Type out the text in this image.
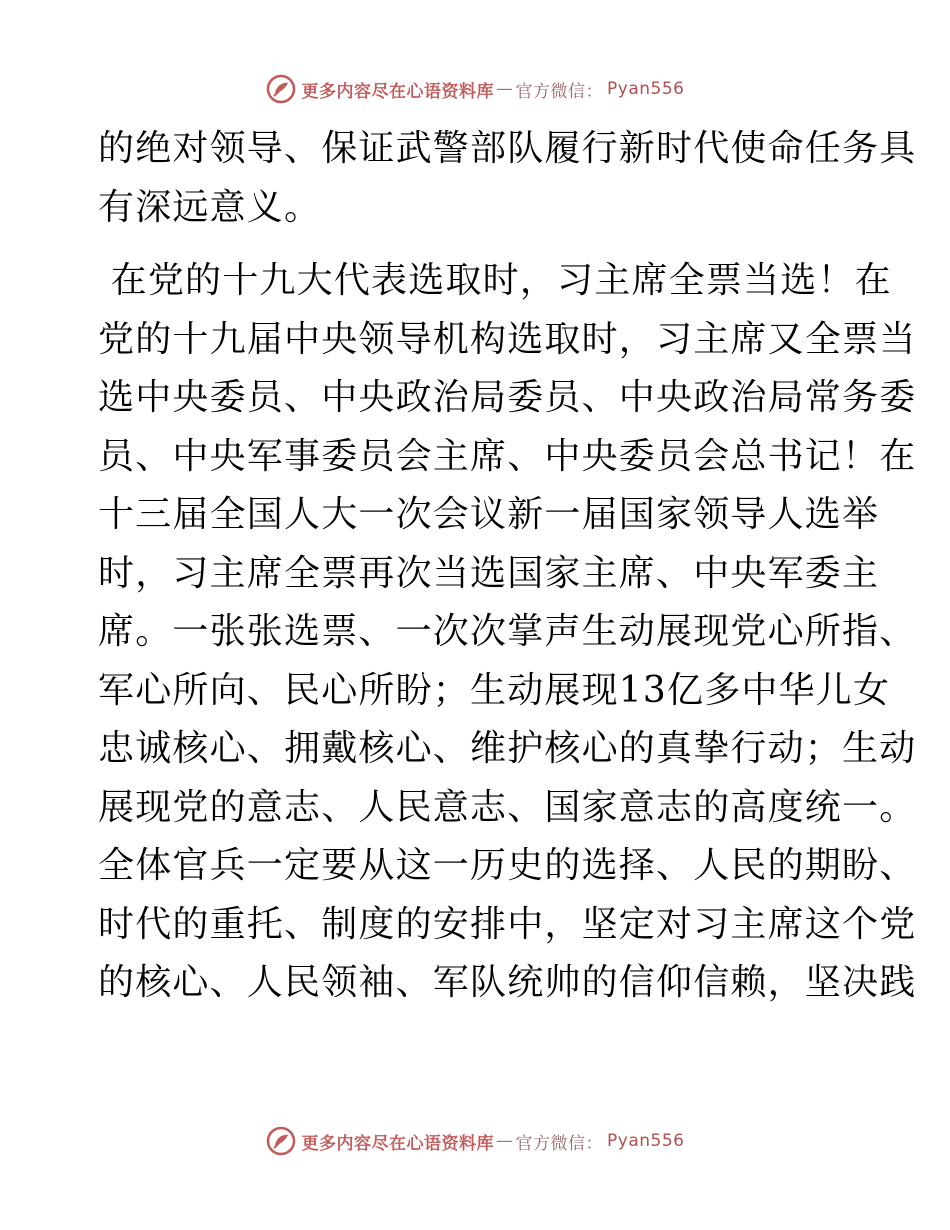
更多内容尽在心语资料库 — 官方微信： Pyan556

的绝对领导、保证武警部队履行新时代使命任务具
有深远意义。

在党的十九大代表选取时，习主席全票当选！在
党的十九届中央领导机构选取时，习主席又全票当
选中央委员、中央政治局委员、中央政治局常务委
员、中央军事委员会主席、中央委员会总书记！在
十三届全国人大一次会议新一届国家领导人选举
时，习主席全票再次当选国家主席、中央军委主
席。一张张选票、一次次掌声生动展现党心所指、
军心所向、民心所盼；生动展现13亿多中华儿女
忠诚核心、拥戴核心、维护核心的真挚行动；生动
展现党的意志、人民意志、国家意志的高度统一。
全体官兵一定要从这一历史的选择、人民的期盼、
时代的重托、制度的安排中，坚定对习主席这个党
的核心、人民领袖、军队统帅的信仰信赖，坚决践

更多内容尽在心语资料库 — 官方微信： Pyan556
